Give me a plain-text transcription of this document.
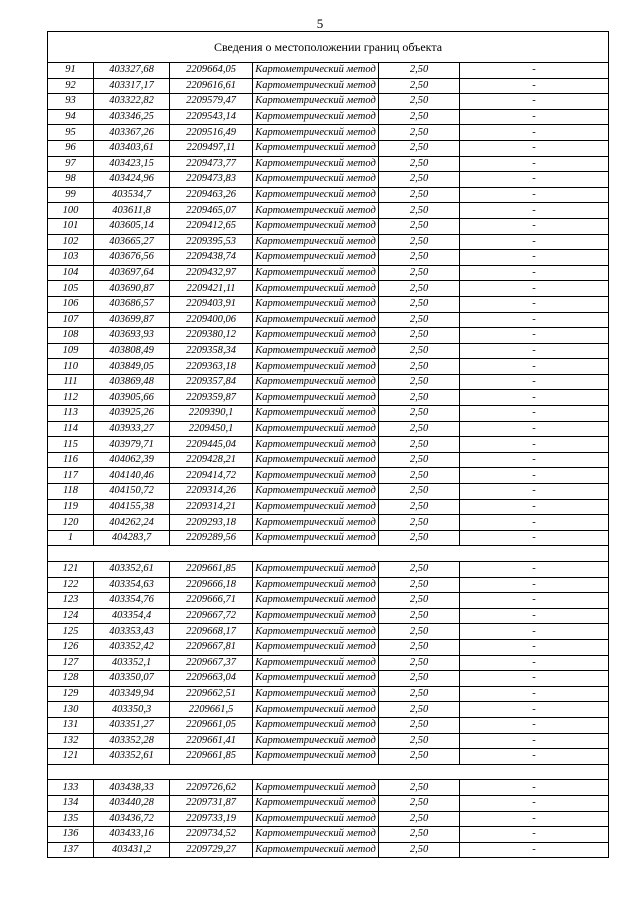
5
Сведения о местоположении границ объекта
91	403327,68	2209664,05	Картометрический метод	2,50	-
92	403317,17	2209616,61	Картометрический метод	2,50	-
93	403322,82	2209579,47	Картометрический метод	2,50	-
94	403346,25	2209543,14	Картометрический метод	2,50	-
95	403367,26	2209516,49	Картометрический метод	2,50	-
96	403403,61	2209497,11	Картометрический метод	2,50	-
97	403423,15	2209473,77	Картометрический метод	2,50	-
98	403424,96	2209473,83	Картометрический метод	2,50	-
99	403534,7	2209463,26	Картометрический метод	2,50	-
100	403611,8	2209465,07	Картометрический метод	2,50	-
101	403605,14	2209412,65	Картометрический метод	2,50	-
102	403665,27	2209395,53	Картометрический метод	2,50	-
103	403676,56	2209438,74	Картометрический метод	2,50	-
104	403697,64	2209432,97	Картометрический метод	2,50	-
105	403690,87	2209421,11	Картометрический метод	2,50	-
106	403686,57	2209403,91	Картометрический метод	2,50	-
107	403699,87	2209400,06	Картометрический метод	2,50	-
108	403693,93	2209380,12	Картометрический метод	2,50	-
109	403808,49	2209358,34	Картометрический метод	2,50	-
110	403849,05	2209363,18	Картометрический метод	2,50	-
111	403869,48	2209357,84	Картометрический метод	2,50	-
112	403905,66	2209359,87	Картометрический метод	2,50	-
113	403925,26	2209390,1	Картометрический метод	2,50	-
114	403933,27	2209450,1	Картометрический метод	2,50	-
115	403979,71	2209445,04	Картометрический метод	2,50	-
116	404062,39	2209428,21	Картометрический метод	2,50	-
117	404140,46	2209414,72	Картометрический метод	2,50	-
118	404150,72	2209314,26	Картометрический метод	2,50	-
119	404155,38	2209314,21	Картометрический метод	2,50	-
120	404262,24	2209293,18	Картометрический метод	2,50	-
1	404283,7	2209289,56	Картометрический метод	2,50	-

121	403352,61	2209661,85	Картометрический метод	2,50	-
122	403354,63	2209666,18	Картометрический метод	2,50	-
123	403354,76	2209666,71	Картометрический метод	2,50	-
124	403354,4	2209667,72	Картометрический метод	2,50	-
125	403353,43	2209668,17	Картометрический метод	2,50	-
126	403352,42	2209667,81	Картометрический метод	2,50	-
127	403352,1	2209667,37	Картометрический метод	2,50	-
128	403350,07	2209663,04	Картометрический метод	2,50	-
129	403349,94	2209662,51	Картометрический метод	2,50	-
130	403350,3	2209661,5	Картометрический метод	2,50	-
131	403351,27	2209661,05	Картометрический метод	2,50	-
132	403352,28	2209661,41	Картометрический метод	2,50	-
121	403352,61	2209661,85	Картометрический метод	2,50	-

133	403438,33	2209726,62	Картометрический метод	2,50	-
134	403440,28	2209731,87	Картометрический метод	2,50	-
135	403436,72	2209733,19	Картометрический метод	2,50	-
136	403433,16	2209734,52	Картометрический метод	2,50	-
137	403431,2	2209729,27	Картометрический метод	2,50	-
